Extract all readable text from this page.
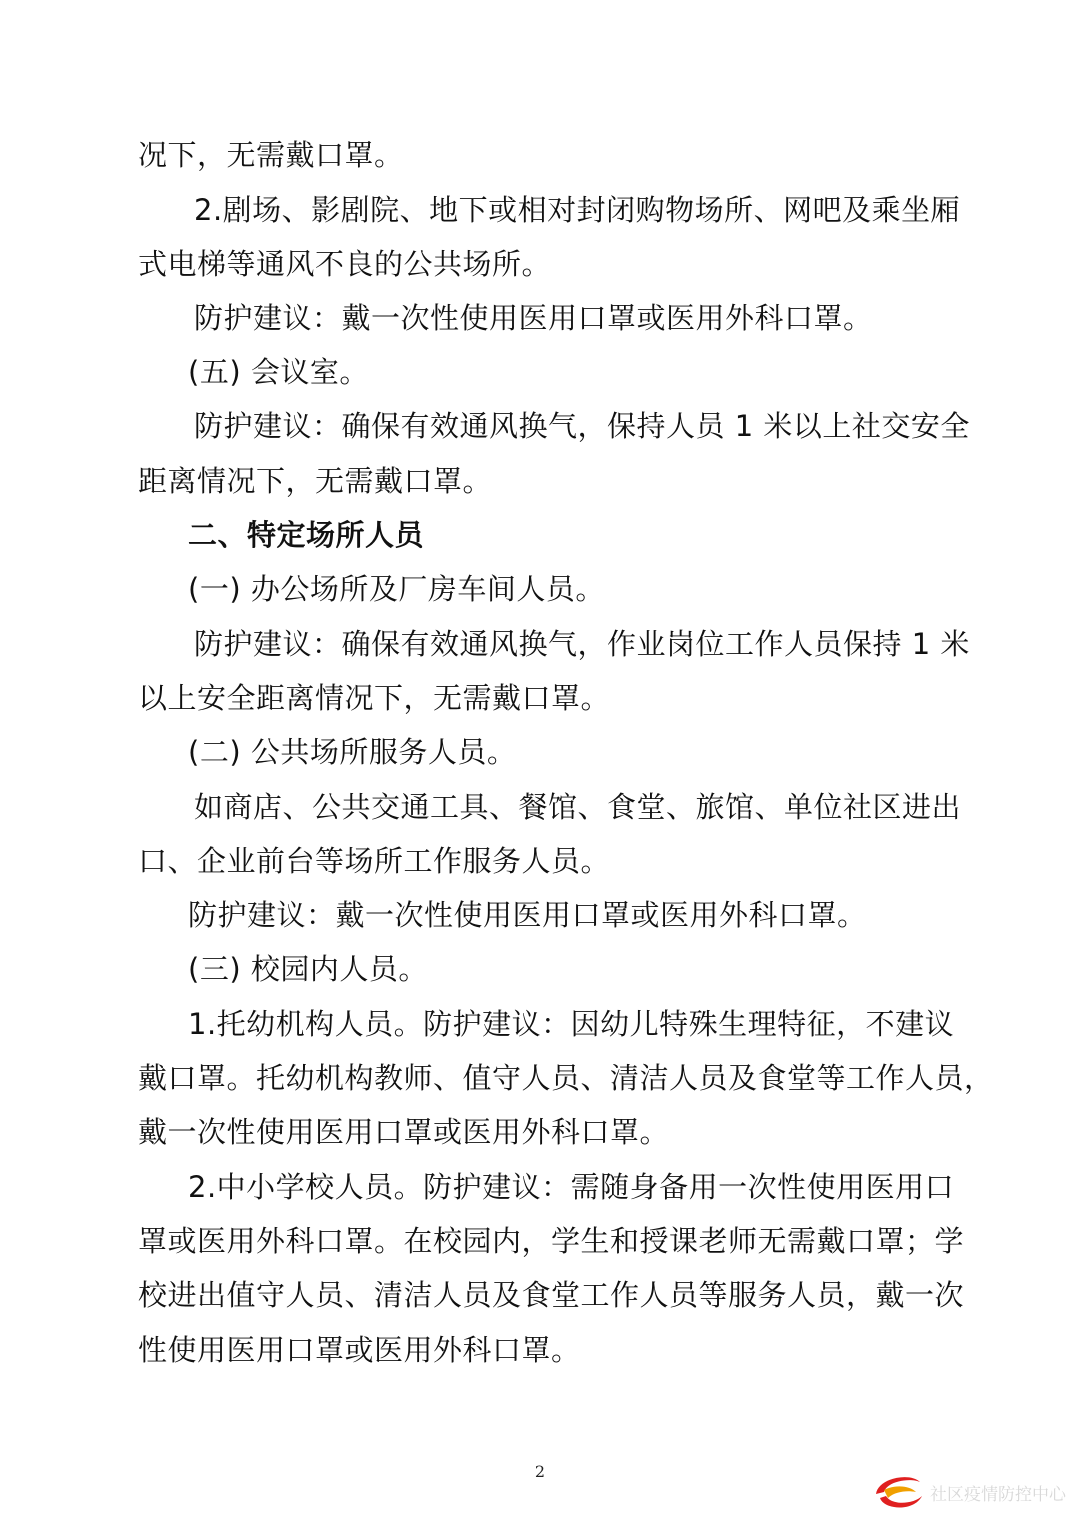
况下，无需戴口罩。
2.剧场、影剧院、地下或相对封闭购物场所、网吧及乘坐厢
式电梯等通风不良的公共场所。
防护建议：戴一次性使用医用口罩或医用外科口罩。
(五) 会议室。
防护建议：确保有效通风换气，保持人员 1 米以上社交安全
距离情况下，无需戴口罩。
二、特定场所人员
(一) 办公场所及厂房车间人员。
防护建议：确保有效通风换气，作业岗位工作人员保持 1 米
以上安全距离情况下，无需戴口罩。
(二) 公共场所服务人员。
如商店、公共交通工具、餐馆、食堂、旅馆、单位社区进出
口、企业前台等场所工作服务人员。
防护建议：戴一次性使用医用口罩或医用外科口罩。
(三) 校园内人员。
1.托幼机构人员。防护建议：因幼儿特殊生理特征，不建议
戴口罩。托幼机构教师、值守人员、清洁人员及食堂等工作人员，
戴一次性使用医用口罩或医用外科口罩。
2.中小学校人员。防护建议：需随身备用一次性使用医用口
罩或医用外科口罩。在校园内，学生和授课老师无需戴口罩；学
校进出值守人员、清洁人员及食堂工作人员等服务人员，戴一次
性使用医用口罩或医用外科口罩。
2
社区疫情防控中心
